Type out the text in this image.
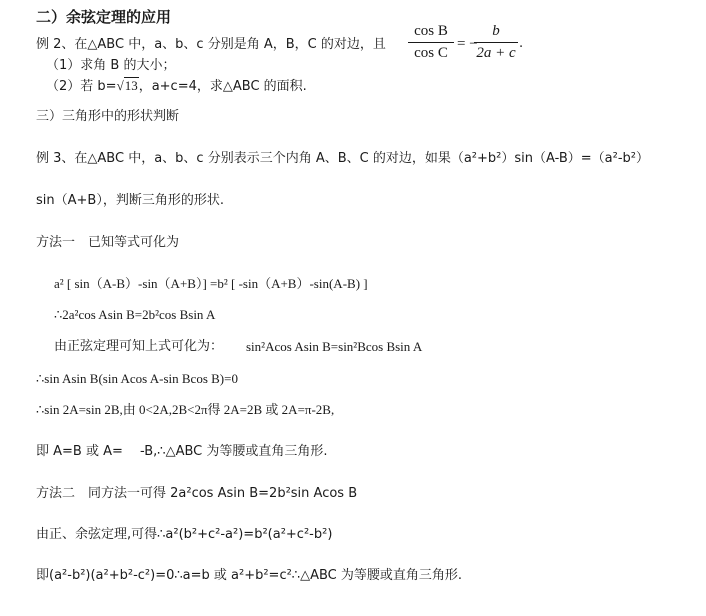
二）余弦定理的应用
例 2、在△ABC 中，a、b、c 分别是角 A，B，C 的对边，且
cos B
cos C
= −
b
2a + c
.
（1）求角 B 的大小；
（2）若 b=√13，a+c=4，求△ABC 的面积.
三）三角形中的形状判断
例 3、在△ABC 中，a、b、c 分别表示三个内角 A、B、C 的对边，如果（a²+b²）sin（A-B）=（a²-b²）
sin（A+B），判断三角形的形状.
方法一　已知等式可化为
a² [ sin（A-B）-sin（A+B）] =b² [ -sin（A+B）-sin(A-B) ]
∴2a²cos Asin B=2b²cos Bsin A
由正弦定理可知上式可化为： sin²Acos Asin B=sin²Bcos Bsin A
∴sin Asin B(sin Acos A-sin Bcos B)=0
∴sin 2A=sin 2B,由 0<2A,2B<2π得 2A=2B 或 2A=π-2B,
即 A=B 或 A=　 -B,∴△ABC 为等腰或直角三角形.
方法二　同方法一可得 2a²cos Asin B=2b²sin Acos B
由正、余弦定理,可得∴a²(b²+c²-a²)=b²(a²+c²-b²)
即(a²-b²)(a²+b²-c²)=0∴a=b 或 a²+b²=c²∴△ABC 为等腰或直角三角形.
